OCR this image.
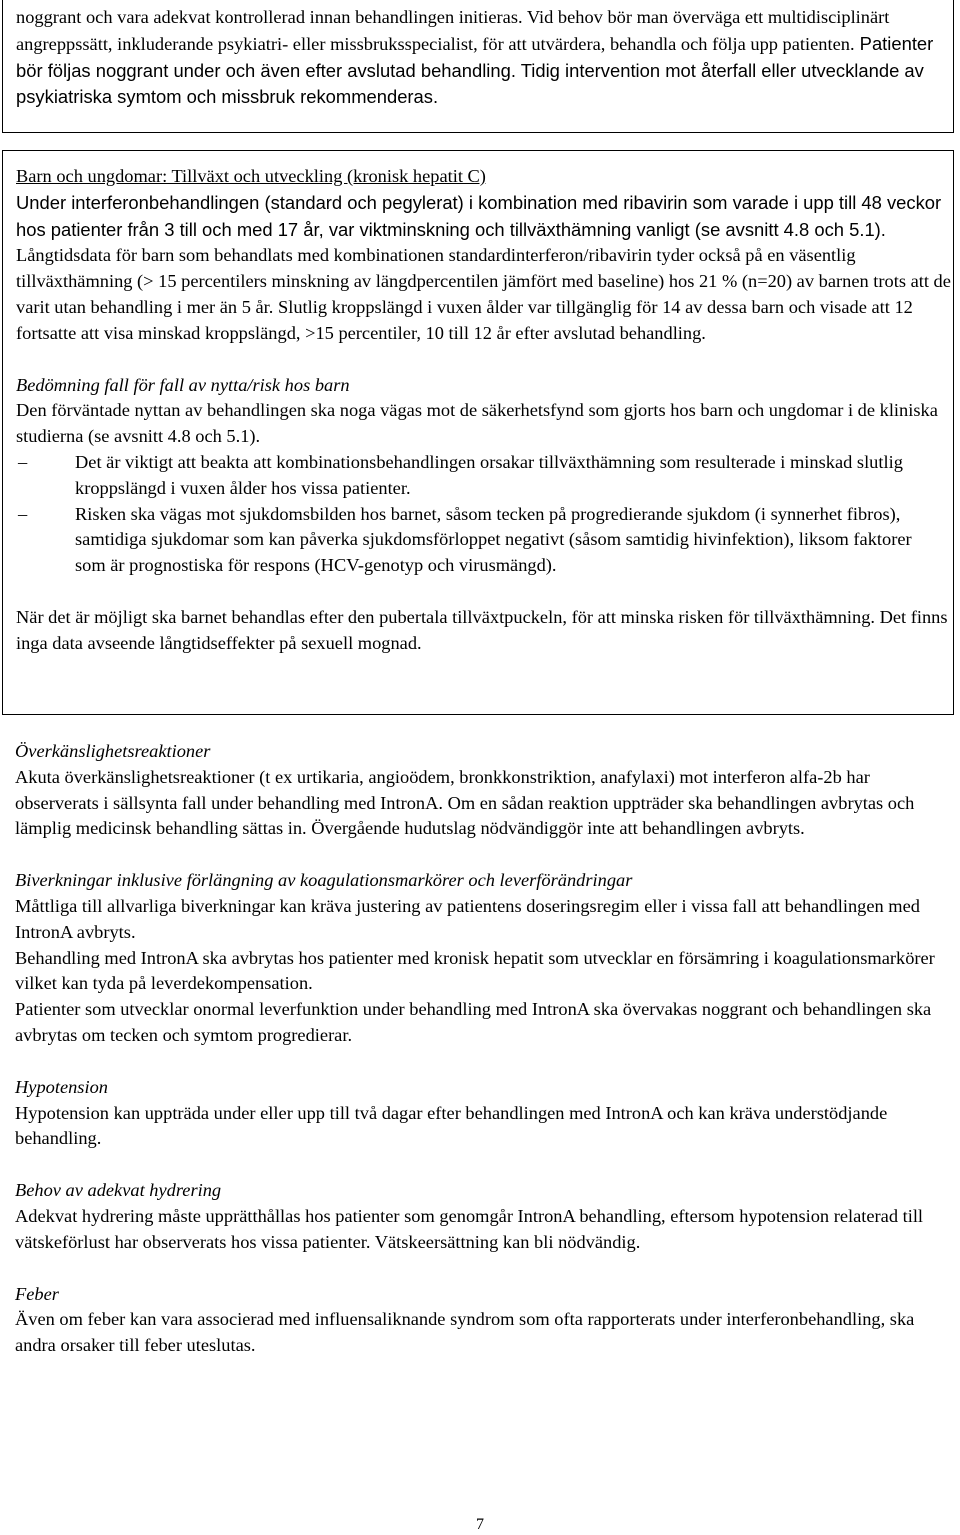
noggrant och vara adekvat kontrollerad innan behandlingen initieras. Vid behov bör man överväga ett multidisciplinärt angreppssätt, inkluderande psykiatri- eller missbruksspecialist, för att utvärdera, behandla och följa upp patienten. Patienter bör följas noggrant under och även efter avslutad behandling. Tidig intervention mot återfall eller utvecklande av psykiatriska symtom och missbruk rekommenderas.

Barn och ungdomar: Tillväxt och utveckling (kronisk hepatit C)

Under interferonbehandlingen (standard och pegylerat) i kombination med ribavirin som varade i upp till 48 veckor hos patienter från 3 till och med 17 år, var viktminskning och tillväxthämning vanligt (se avsnitt 4.8 och 5.1). Långtidsdata för barn som behandlats med kombinationen standardinterferon/ribavirin tyder också på en väsentlig tillväxthämning (> 15 percentilers minskning av längdpercentilen jämfört med baseline) hos 21 % (n=20) av barnen trots att de varit utan behandling i mer än 5 år. Slutlig kroppslängd i vuxen ålder var tillgänglig för 14 av dessa barn och visade att 12 fortsatte att visa minskad kroppslängd, >15 percentiler, 10 till 12 år efter avslutad behandling.

Bedömning fall för fall av nytta/risk hos barn

Den förväntade nyttan av behandlingen ska noga vägas mot de säkerhetsfynd som gjorts hos barn och ungdomar i de kliniska studierna (se avsnitt 4.8 och 5.1).

–	Det är viktigt att beakta att kombinationsbehandlingen orsakar tillväxthämning som resulterade i minskad slutlig kroppslängd i vuxen ålder hos vissa patienter.
–	Risken ska vägas mot sjukdomsbilden hos barnet, såsom tecken på progredierande sjukdom (i synnerhet fibros), samtidiga sjukdomar som kan påverka sjukdomsförloppet negativt (såsom samtidig hivinfektion), liksom faktorer som är prognostiska för respons (HCV-genotyp och virusmängd).

När det är möjligt ska barnet behandlas efter den pubertala tillväxtpuckeln, för att minska risken för tillväxthämning. Det finns inga data avseende långtidseffekter på sexuell mognad.

Överkänslighetsreaktioner

Akuta överkänslighetsreaktioner (t ex urtikaria, angioödem, bronkkonstriktion, anafylaxi) mot interferon alfa-2b har observerats i sällsynta fall under behandling med IntronA. Om en sådan reaktion uppträder ska behandlingen avbrytas och lämplig medicinsk behandling sättas in. Övergående hudutslag nödvändiggör inte att behandlingen avbryts.

Biverkningar inklusive förlängning av koagulationsmarkörer och leverförändringar

Måttliga till allvarliga biverkningar kan kräva justering av patientens doseringsregim eller i vissa fall att behandlingen med IntronA avbryts.

Behandling med IntronA ska avbrytas hos patienter med kronisk hepatit som utvecklar en försämring i koagulationsmarkörer vilket kan tyda på leverdekompensation.

Patienter som utvecklar onormal leverfunktion under behandling med IntronA ska övervakas noggrant och behandlingen ska avbrytas om tecken och symtom progredierar.

Hypotension

Hypotension kan uppträda under eller upp till två dagar efter behandlingen med IntronA och kan kräva understödjande behandling.

Behov av adekvat hydrering

Adekvat hydrering måste upprätthållas hos patienter som genomgår IntronA behandling, eftersom hypotension relaterad till vätskeförlust har observerats hos vissa patienter. Vätskeersättning kan bli nödvändig.

Feber

Även om feber kan vara associerad med influensaliknande syndrom som ofta rapporterats under interferonbehandling, ska andra orsaker till feber uteslutas.

7
